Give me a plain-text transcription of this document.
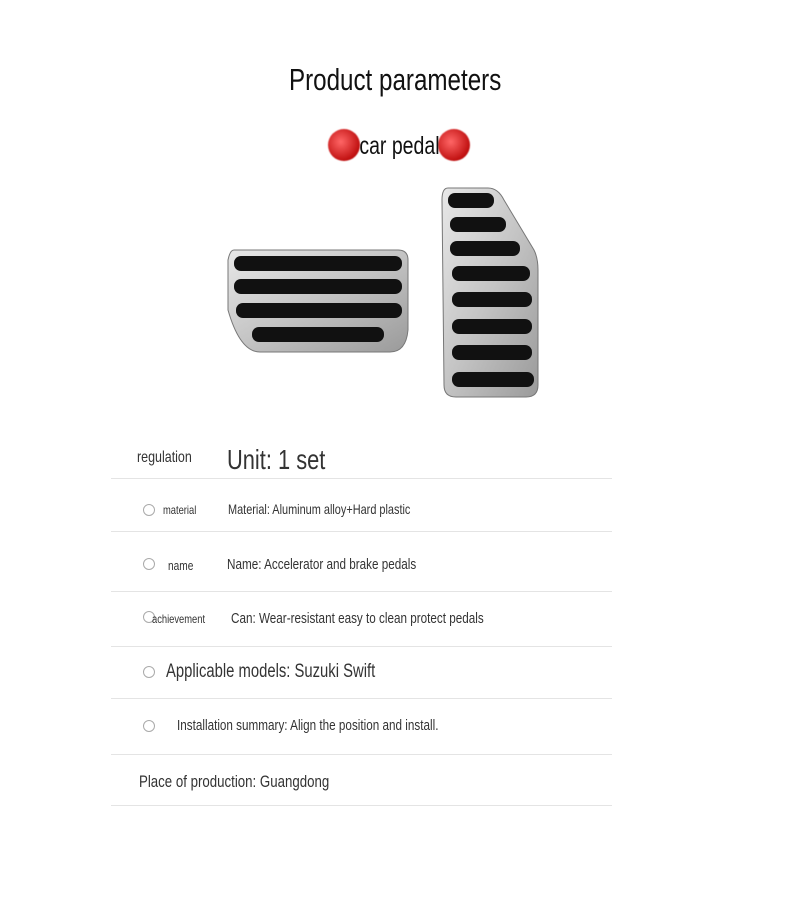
Product parameters
car pedal
regulation	Unit: 1 set
material	Material: Aluminum alloy+Hard plastic
name	Name: Accelerator and brake pedals
achievement	Can: Wear-resistant easy to clean protect pedals
Applicable models: Suzuki Swift
Installation summary: Align the position and install.
Place of production: Guangdong
